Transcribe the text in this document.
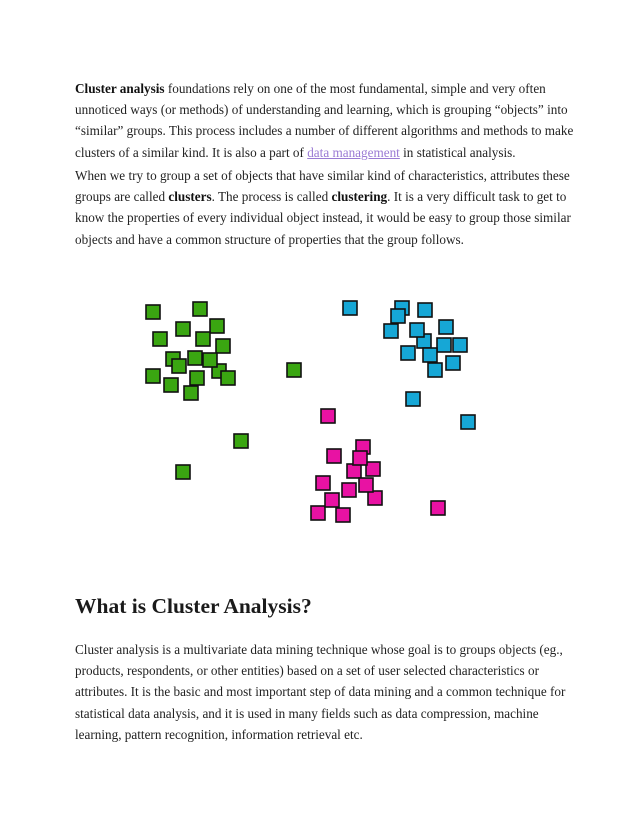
Cluster analysis foundations rely on one of the most fundamental, simple and very often unnoticed ways (or methods) of understanding and learning, which is grouping “objects” into “similar” groups. This process includes a number of different algorithms and methods to make clusters of a similar kind. It is also a part of data management in statistical analysis.

When we try to group a set of objects that have similar kind of characteristics, attributes these groups are called clusters. The process is called clustering. It is a very difficult task to get to know the properties of every individual object instead, it would be easy to group those similar objects and have a common structure of properties that the group follows.

What is Cluster Analysis?

Cluster analysis is a multivariate data mining technique whose goal is to groups objects (eg., products, respondents, or other entities) based on a set of user selected characteristics or attributes. It is the basic and most important step of data mining and a common technique for statistical data analysis, and it is used in many fields such as data compression, machine learning, pattern recognition, information retrieval etc.
